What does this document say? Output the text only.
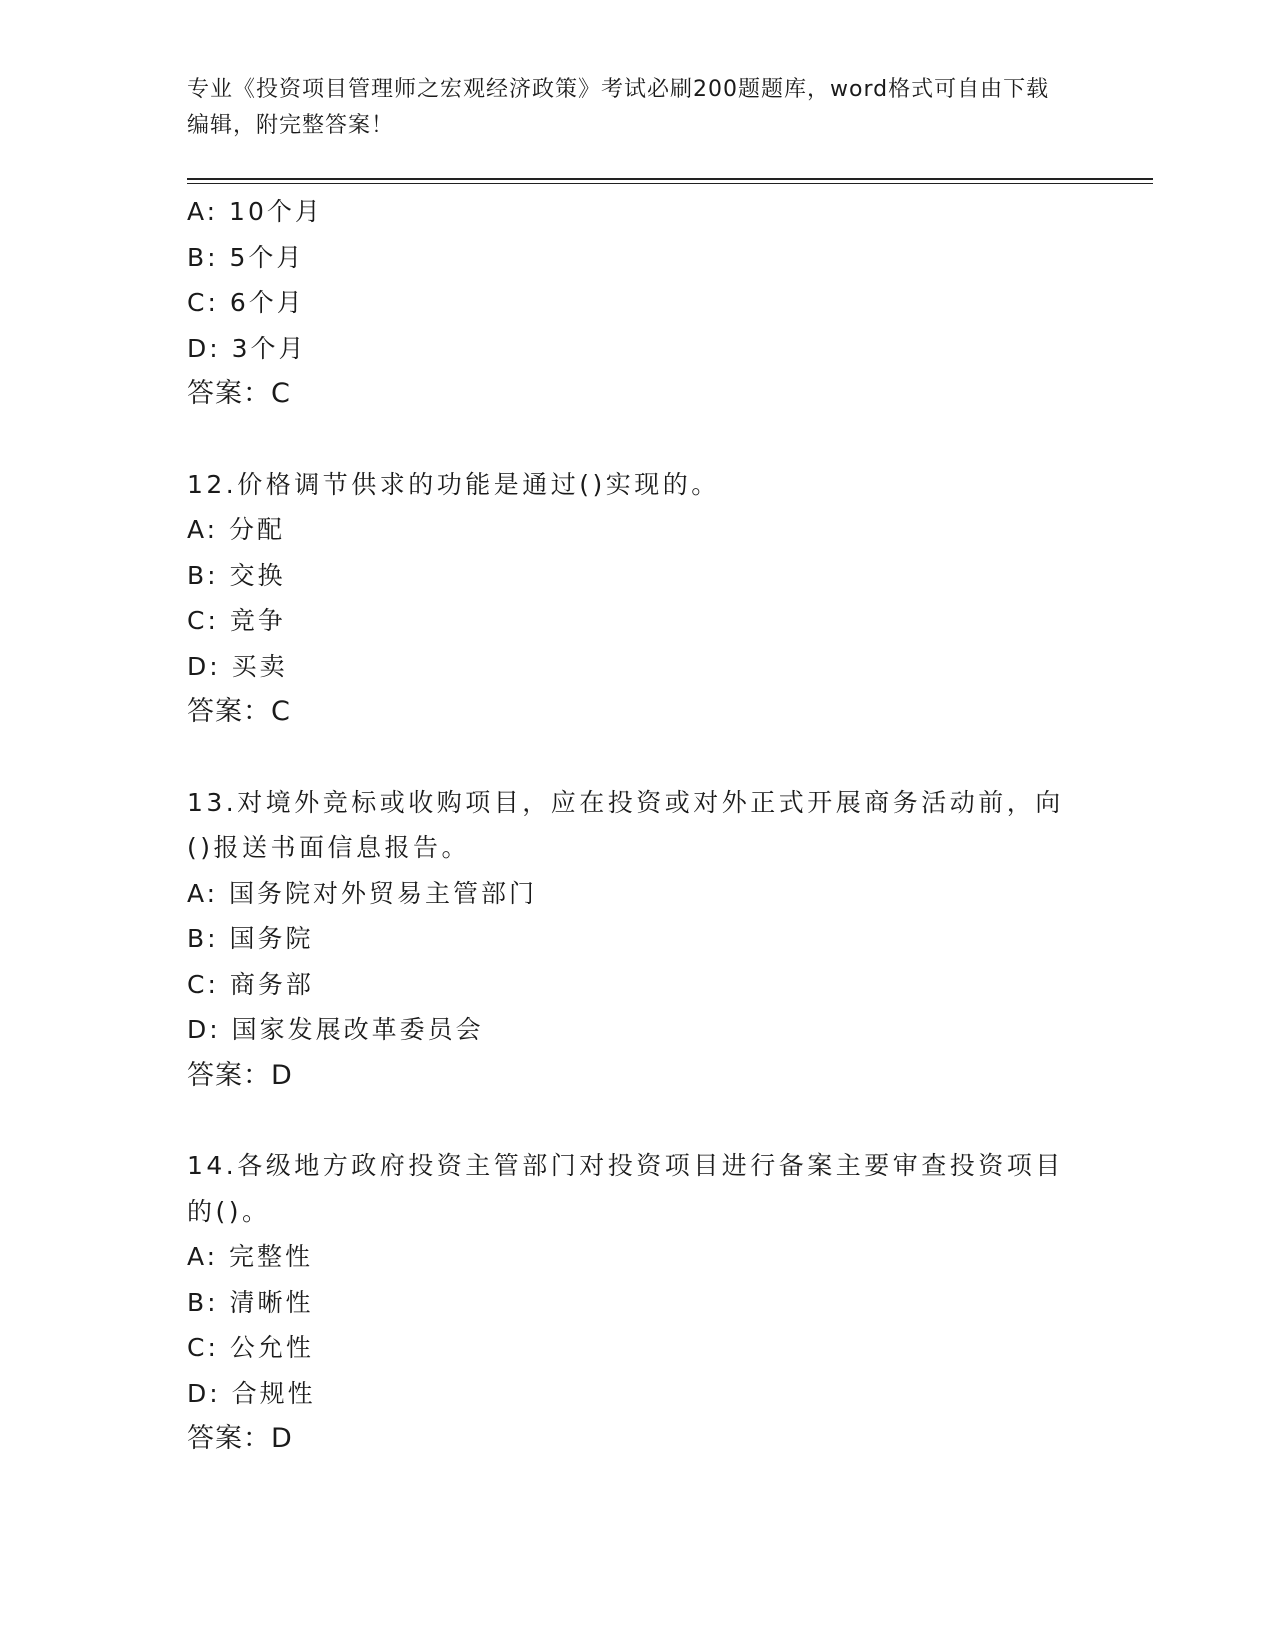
专业《投资项目管理师之宏观经济政策》考试必刷200题题库，word格式可自由下载编辑，附完整答案！
A: 10个月
B: 5个月
C: 6个月
D: 3个月
答案：C
12.价格调节供求的功能是通过()实现的。
A: 分配
B: 交换
C: 竞争
D: 买卖
答案：C
13.对境外竞标或收购项目，应在投资或对外正式开展商务活动前，向()报送书面信息报告。
A: 国务院对外贸易主管部门
B: 国务院
C: 商务部
D: 国家发展改革委员会
答案：D
14.各级地方政府投资主管部门对投资项目进行备案主要审查投资项目的()。
A: 完整性
B: 清晰性
C: 公允性
D: 合规性
答案：D
